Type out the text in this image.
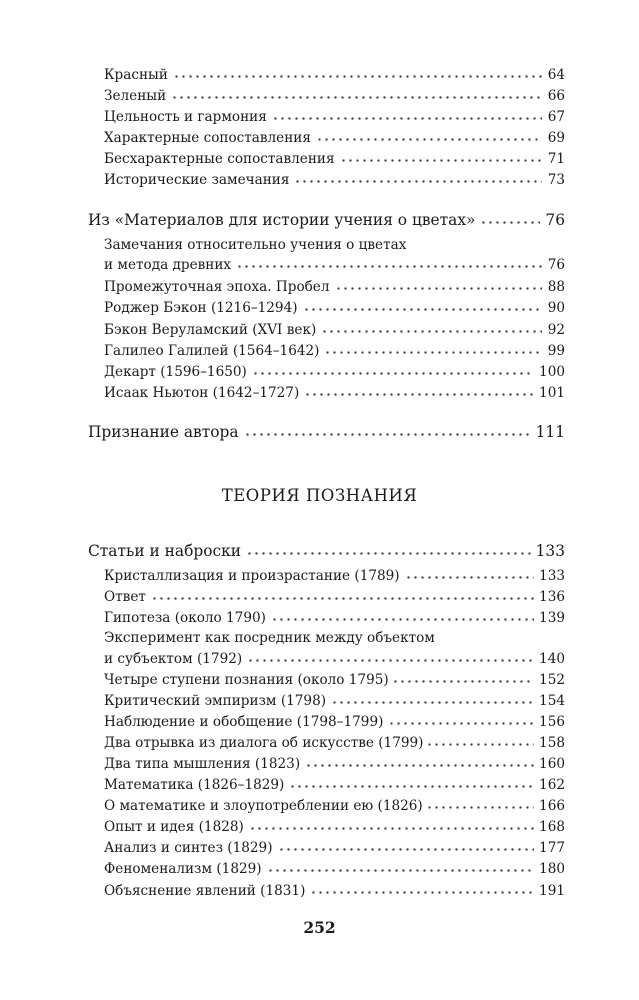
Красный	64
Зеленый	66
Цельность и гармония	67
Характерные сопоставления	69
Бесхарактерные сопоставления	71
Исторические замечания	73
Из «Материалов для истории учения о цветах»	76
Замечания относительно учения о цветах
и метода древних	76
Промежуточная эпоха. Пробел	88
Роджер Бэкон (1216–1294)	90
Бэкон Веруламский (XVI век)	92
Галилео Галилей (1564–1642)	99
Декарт (1596–1650)	100
Исаак Ньютон (1642–1727)	101
Признание автора	111
ТЕОРИЯ ПОЗНАНИЯ
Статьи и наброски	133
Кристаллизация и произрастание (1789)	133
Ответ	136
Гипотеза (около 1790)	139
Эксперимент как посредник между объектом
и субъектом (1792)	140
Четыре ступени познания (около 1795)	152
Критический эмпиризм (1798)	154
Наблюдение и обобщение (1798–1799)	156
Два отрывка из диалога об искусстве (1799)	158
Два типа мышления (1823)	160
Математика (1826–1829)	162
О математике и злоупотреблении ею (1826)	166
Опыт и идея (1828)	168
Анализ и синтез (1829)	177
Феноменализм (1829)	180
Объяснение явлений (1831)	191
252
